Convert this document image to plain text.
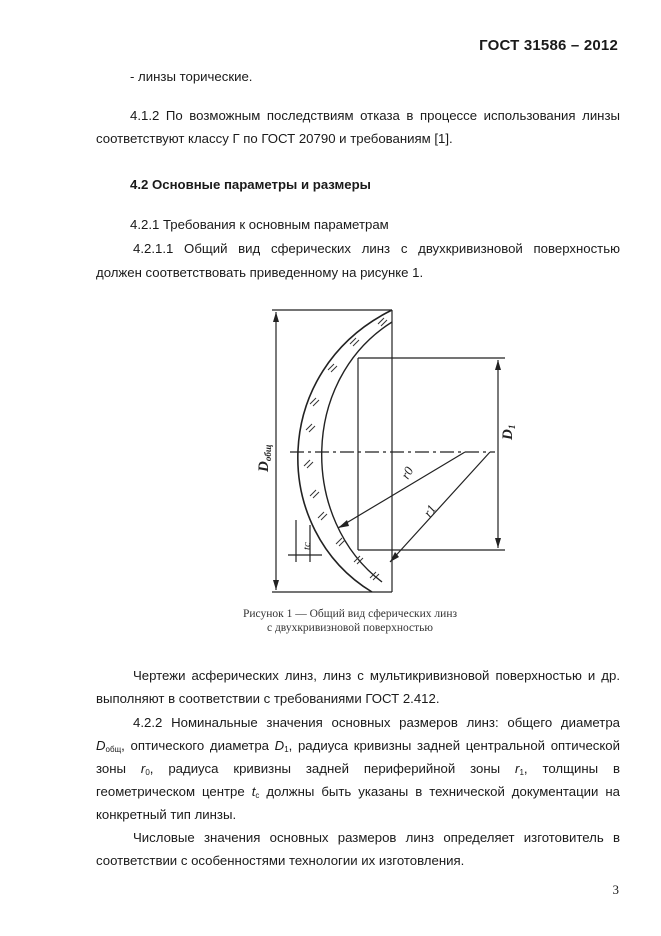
ГОСТ 31586 – 2012
- линзы торические.
4.1.2 По возможным последствиям отказа в процессе использования линзы
соответствуют классу Г по ГОСТ 20790 и требованиям [1].
4.2 Основные параметры и размеры
4.2.1 Требования к основным параметрам
4.2.1.1 Общий вид сферических линз с двухкривизновой поверхностью
должен соответствовать приведенному на рисунке 1.
$D_{общ}$
$D_1$
r0
r1
tc
Рисунок 1 — Общий вид сферических линз
с двухкривизновой поверхностью
Чертежи асферических линз, линз с мультикривизновой поверхностью и др.
выполняют в соответствии с требованиями ГОСТ 2.412.
4.2.2 Номинальные значения основных размеров линз: общего диаметра
$D_{общ}$, оптического диаметра $D_1$, радиуса кривизны задней центральной оптической
зоны $r_0$, радиуса кривизны задней периферийной зоны $r_1$, толщины в
геометрическом центре $t_c$ должны быть указаны в технической документации на
конкретный тип линзы.
Числовые значения основных размеров линз определяет изготовитель в
соответствии с особенностями технологии их изготовления.
3
